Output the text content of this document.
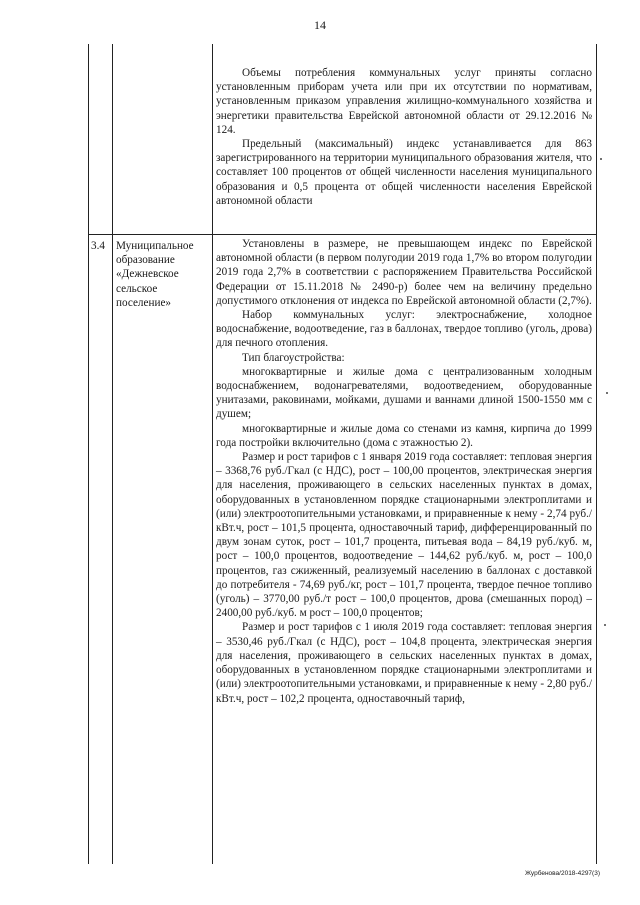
14

Объемы потребления коммунальных услуг приняты согласно установленным приборам учета или при их отсутствии по нормативам, установленным приказом управления жилищно-коммунального хозяйства и энергетики правительства Еврейской автономной области от 29.12.2016 № 124.

Предельный (максимальный) индекс устанавливается для 863 зарегистрированного на территории муниципального образования жителя, что составляет 100 процентов от общей численности населения муниципального образования и 0,5 процента от общей численности населения Еврейской автономной области

3.4 Муниципальное образование «Дежневское сельское поселение»

Установлены в размере, не превышающем индекс по Еврейской автономной области (в первом полугодии 2019 года 1,7% во втором полугодии 2019 года 2,7% в соответствии с распоряжением Правительства Российской Федерации от 15.11.2018 № 2490-р) более чем на величину предельно допустимого отклонения от индекса по Еврейской автономной области (2,7%).

Набор коммунальных услуг: электроснабжение, холодное водоснабжение, водоотведение, газ в баллонах, твердое топливо (уголь, дрова) для печного отопления.

Тип благоустройства:

многоквартирные и жилые дома с централизованным холодным водоснабжением, водонагревателями, водоотведением, оборудованные унитазами, раковинами, мойками, душами и ваннами длиной 1500-1550 мм с душем;

многоквартирные и жилые дома со стенами из камня, кирпича до 1999 года постройки включительно (дома с этажностью 2).

Размер и рост тарифов с 1 января 2019 года составляет: тепловая энергия – 3368,76 руб./Гкал (с НДС), рост – 100,00 процентов, электрическая энергия для населения, проживающего в сельских населенных пунктах в домах, оборудованных в установленном порядке стационарными электроплитами и (или) электроотопительными установками, и приравненные к нему - 2,74 руб./кВт.ч, рост – 101,5 процента, одноставочный тариф, дифференцированный по двум зонам суток, рост – 101,7 процента, питьевая вода – 84,19 руб./куб. м, рост – 100,0 процентов, водоотведение – 144,62 руб./куб. м, рост – 100,0 процентов, газ сжиженный, реализуемый населению в баллонах с доставкой до потребителя - 74,69 руб./кг, рост – 101,7 процента, твердое печное топливо (уголь) – 3770,00 руб./т рост – 100,0 процентов, дрова (смешанных пород) – 2400,00 руб./куб. м рост – 100,0 процентов;

Размер и рост тарифов с 1 июля 2019 года составляет: тепловая энергия – 3530,46 руб./Гкал (с НДС), рост – 104,8 процента, электрическая энергия для населения, проживающего в сельских населенных пунктах в домах, оборудованных в установленном порядке стационарными электроплитами и (или) электроотопительными установками, и приравненные к нему - 2,80 руб./кВт.ч, рост – 102,2 процента, одноставочный тариф,

Журбенова/2018-4297(3)
